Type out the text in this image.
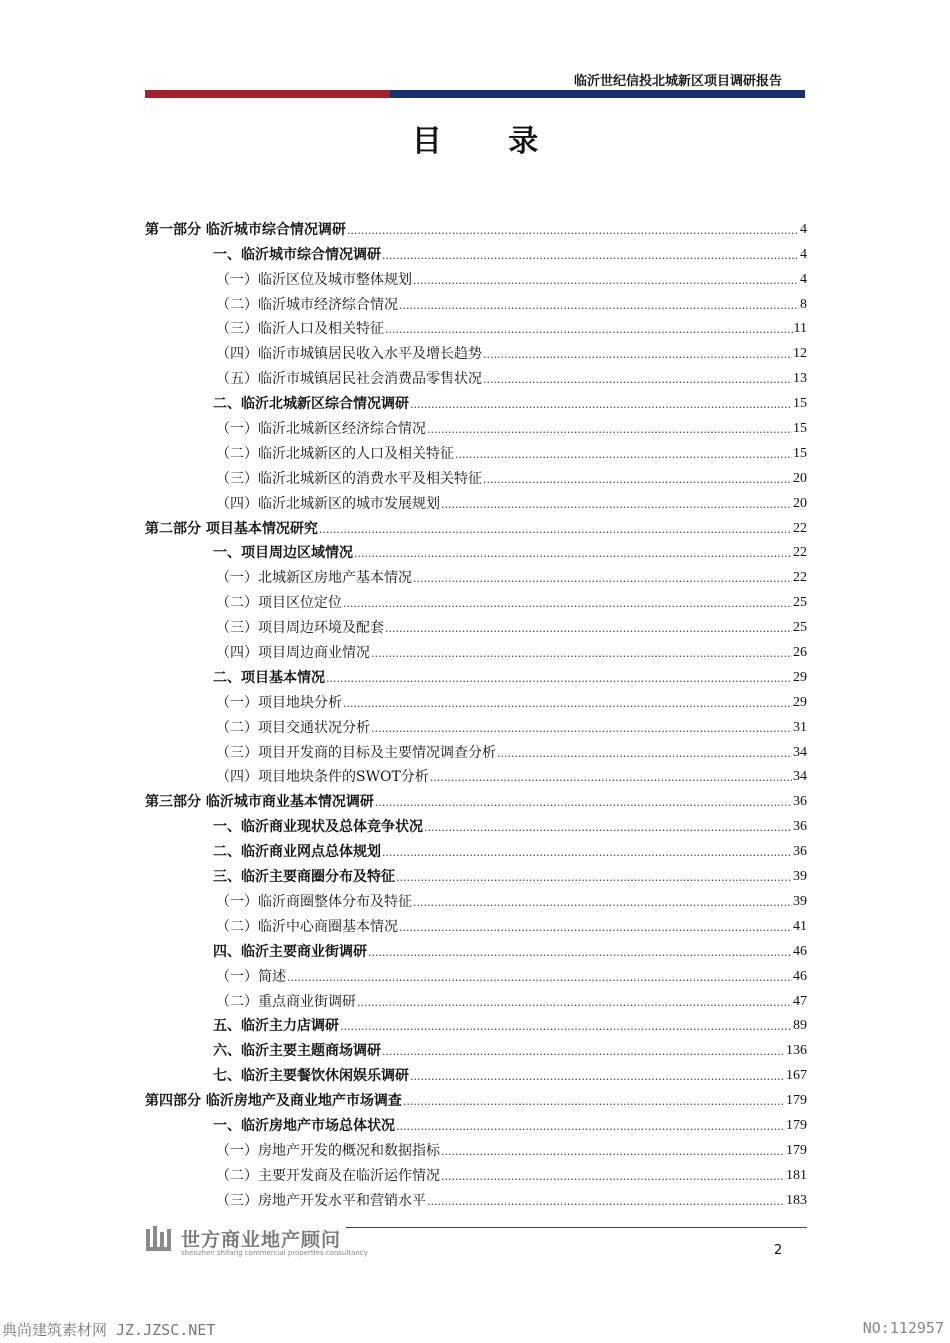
临沂世纪信投北城新区项目调研报告
目 录
第一部分 临沂城市综合情况调研 .....	4
一、临沂城市综合情况调研 .....	4
（一）临沂区位及城市整体规划 .....	4
（二）临沂城市经济综合情况 .....	8
（三）临沂人口及相关特征 .....	11
（四）临沂市城镇居民收入水平及增长趋势 .....	12
（五）临沂市城镇居民社会消费品零售状况 .....	13
二、临沂北城新区综合情况调研 .....	15
（一）临沂北城新区经济综合情况 .....	15
（二）临沂北城新区的人口及相关特征 .....	15
（三）临沂北城新区的消费水平及相关特征 .....	20
（四）临沂北城新区的城市发展规划 .....	20
第二部分 项目基本情况研究 .....	22
一、项目周边区域情况 .....	22
（一）北城新区房地产基本情况 .....	22
（二）项目区位定位 .....	25
（三）项目周边环境及配套 .....	25
（四）项目周边商业情况 .....	26
二、项目基本情况 .....	29
（一）项目地块分析 .....	29
（二）项目交通状况分析 .....	31
（三）项目开发商的目标及主要情况调查分析 .....	34
（四）项目地块条件的SWOT分析 .....	34
第三部分 临沂城市商业基本情况调研 .....	36
一、临沂商业现状及总体竞争状况 .....	36
二、临沂商业网点总体规划 .....	36
三、临沂主要商圈分布及特征 .....	39
（一）临沂商圈整体分布及特征 .....	39
（二）临沂中心商圈基本情况 .....	41
四、临沂主要商业街调研 .....	46
（一）简述 .....	46
（二）重点商业街调研 .....	47
五、临沂主力店调研 .....	89
六、临沂主要主题商场调研 .....	136
七、临沂主要餐饮休闲娱乐调研 .....	167
第四部分 临沂房地产及商业地产市场调查 .....	179
一、临沂房地产市场总体状况 .....	179
（一）房地产开发的概况和数据指标 .....	179
（二）主要开发商及在临沂运作情况 .....	181
（三）房地产开发水平和营销水平 .....	183
世方商业地产顾问
shenzhen shifang commercial properties consultancy	2
典尚建筑素材网 JZ.JZSC.NET	NO:112957
